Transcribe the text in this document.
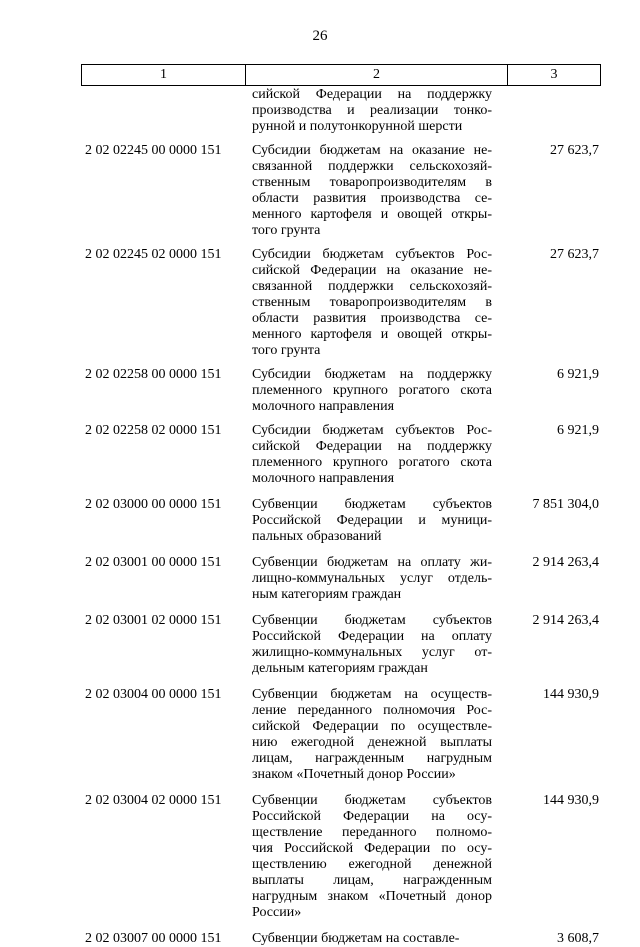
26
1	2	3
сийской Федерации на поддержку
производства и реализации тонко-
рунной и полутонкорунной шерсти
2 02 02245 00 0000 151	Субсидии бюджетам на оказание не-
связанной поддержки сельскохозяй-
ственным товаропроизводителям в
области развития производства се-
менного картофеля и овощей откры-
того грунта
27 623,7
2 02 02245 02 0000 151	Субсидии бюджетам субъектов Рос-
сийской Федерации на оказание не-
связанной поддержки сельскохозяй-
ственным товаропроизводителям в
области развития производства се-
менного картофеля и овощей откры-
того грунта
27 623,7
2 02 02258 00 0000 151	Субсидии бюджетам на поддержку
племенного крупного рогатого скота
молочного направления
6 921,9
2 02 02258 02 0000 151	Субсидии бюджетам субъектов Рос-
сийской Федерации на поддержку
племенного крупного рогатого скота
молочного направления
6 921,9
2 02 03000 00 0000 151	Субвенции бюджетам субъектов
Российской Федерации и муници-
пальных образований
7 851 304,0
2 02 03001 00 0000 151	Субвенции бюджетам на оплату жи-
лищно-коммунальных услуг отдель-
ным категориям граждан
2 914 263,4
2 02 03001 02 0000 151	Субвенции бюджетам субъектов
Российской Федерации на оплату
жилищно-коммунальных услуг от-
дельным категориям граждан
2 914 263,4
2 02 03004 00 0000 151	Субвенции бюджетам на осуществ-
ление переданного полномочия Рос-
сийской Федерации по осуществле-
нию ежегодной денежной выплаты
лицам, награжденным нагрудным
знаком «Почетный донор России»
144 930,9
2 02 03004 02 0000 151	Субвенции бюджетам субъектов
Российской Федерации на осу-
ществление переданного полномо-
чия Российской Федерации по осу-
ществлению ежегодной денежной
выплаты лицам, награжденным
нагрудным знаком «Почетный донор
России»
144 930,9
2 02 03007 00 0000 151	Субвенции бюджетам на составле-	3 608,7
